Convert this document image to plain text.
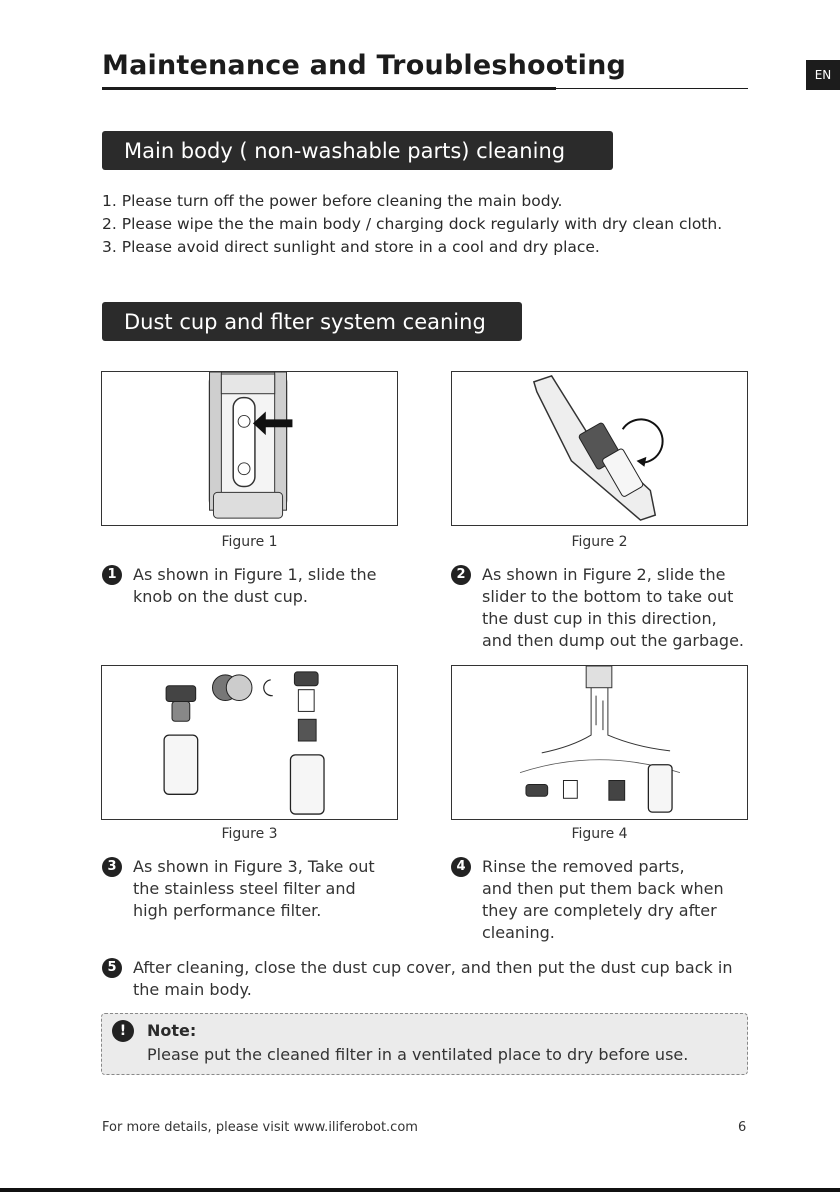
Maintenance and Troubleshooting	EN
Main body ( non-washable parts) cleaning
1. Please turn off the power before cleaning the main body.
2. Please wipe the the main body / charging dock regularly with dry clean cloth.
3. Please avoid direct sunlight and store in a cool and dry place.
Dust cup and flter system ceaning
Figure 1	Figure 2
1	As shown in Figure 1, slide the
knob on the dust cup.
2	As shown in Figure 2, slide the
slider to the bottom to take out
the dust cup in this direction,
and then dump out the garbage.
Figure 3	Figure 4
3	As shown in Figure 3, Take out
the stainless steel filter and
high performance filter.
4	Rinse the removed parts,
and then put them back when
they are completely dry after
cleaning.
5	After cleaning, close the dust cup cover, and then put the dust cup back in
the main body.
!	Note:
Please put the cleaned filter in a ventilated place to dry before use.
For more details, please visit www.iliferobot.com	6
